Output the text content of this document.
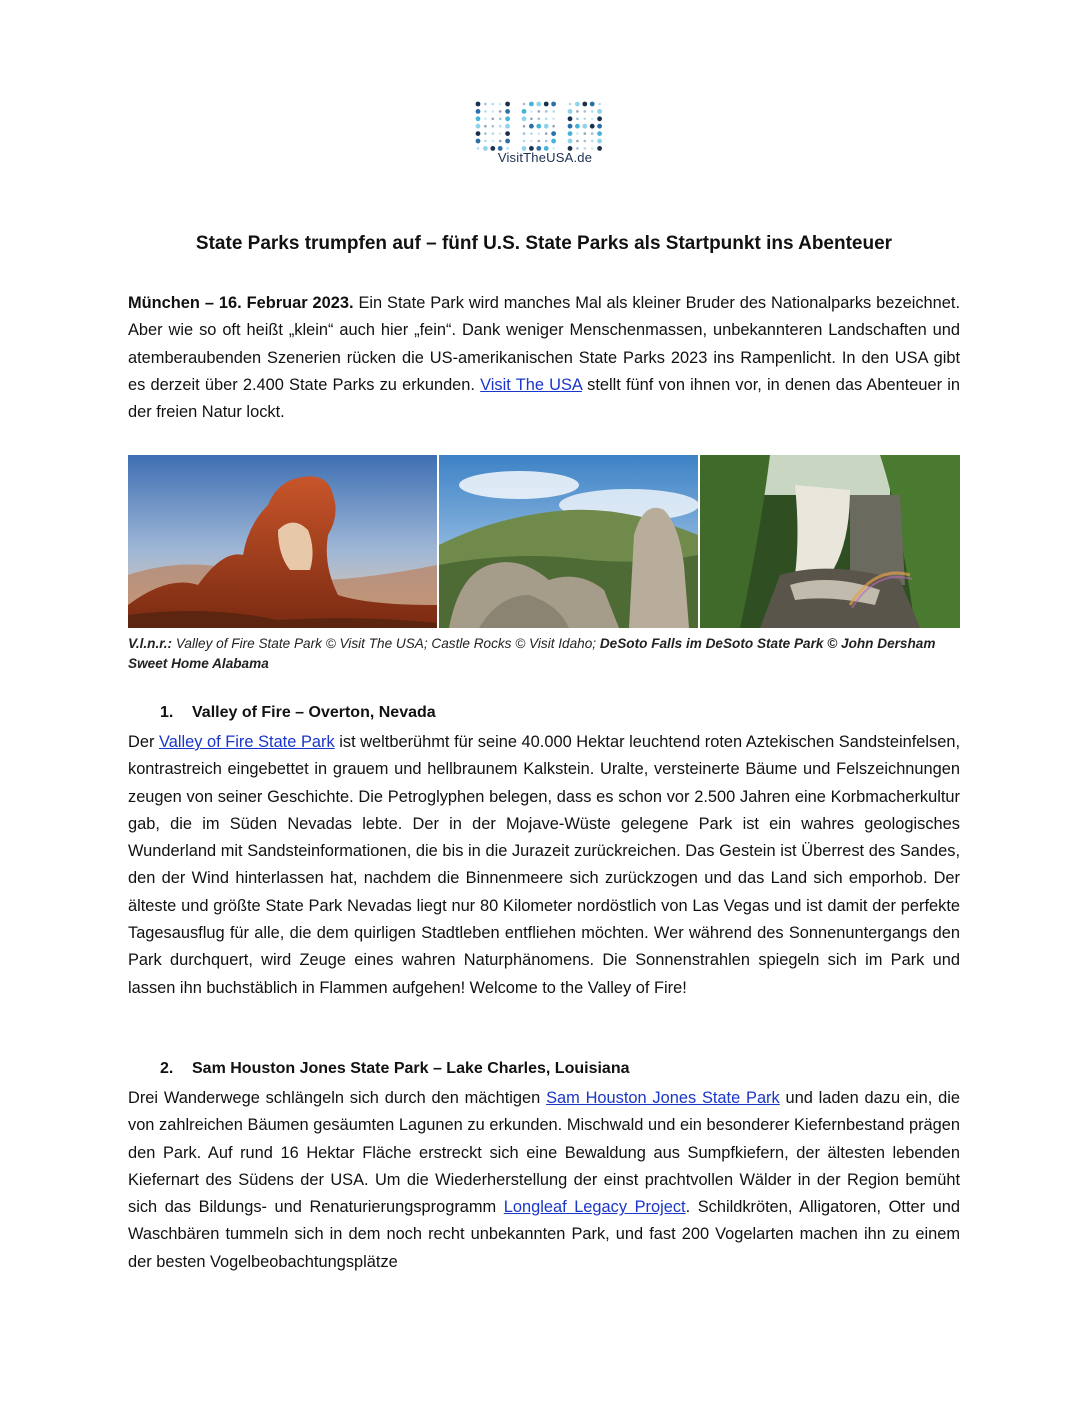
VisitTheUSA.de
State Parks trumpfen auf – fünf U.S. State Parks als Startpunkt ins Abenteuer
München – 16. Februar 2023. Ein State Park wird manches Mal als kleiner Bruder des Nationalparks bezeichnet. Aber wie so oft heißt „klein“ auch hier „fein“. Dank weniger Menschenmassen, unbekannteren Landschaften und atemberaubenden Szenerien rücken die US-amerikanischen State Parks 2023 ins Rampenlicht. In den USA gibt es derzeit über 2.400 State Parks zu erkunden. Visit The USA stellt fünf von ihnen vor, in denen das Abenteuer in der freien Natur lockt.
V.l.n.r.: Valley of Fire State Park © Visit The USA; Castle Rocks © Visit Idaho; DeSoto Falls im DeSoto State Park © John Dersham Sweet Home Alabama
1. Valley of Fire – Overton, Nevada
Der Valley of Fire State Park ist weltberühmt für seine 40.000 Hektar leuchtend roten Aztekischen Sandsteinfelsen, kontrastreich eingebettet in grauem und hellbraunem Kalkstein. Uralte, versteinerte Bäume und Felszeichnungen zeugen von seiner Geschichte. Die Petroglyphen belegen, dass es schon vor 2.500 Jahren eine Korbmacherkultur gab, die im Süden Nevadas lebte. Der in der Mojave-Wüste gelegene Park ist ein wahres geologisches Wunderland mit Sandsteinformationen, die bis in die Jurazeit zurückreichen. Das Gestein ist Überrest des Sandes, den der Wind hinterlassen hat, nachdem die Binnenmeere sich zurückzogen und das Land sich emporhob. Der älteste und größte State Park Nevadas liegt nur 80 Kilometer nordöstlich von Las Vegas und ist damit der perfekte Tagesausflug für alle, die dem quirligen Stadtleben entfliehen möchten. Wer während des Sonnenuntergangs den Park durchquert, wird Zeuge eines wahren Naturphänomens. Die Sonnenstrahlen spiegeln sich im Park und lassen ihn buchstäblich in Flammen aufgehen! Welcome to the Valley of Fire!
2. Sam Houston Jones State Park – Lake Charles, Louisiana
Drei Wanderwege schlängeln sich durch den mächtigen Sam Houston Jones State Park und laden dazu ein, die von zahlreichen Bäumen gesäumten Lagunen zu erkunden. Mischwald und ein besonderer Kiefernbestand prägen den Park. Auf rund 16 Hektar Fläche erstreckt sich eine Bewaldung aus Sumpfkiefern, der ältesten lebenden Kiefernart des Südens der USA. Um die Wiederherstellung der einst prachtvollen Wälder in der Region bemüht sich das Bildungs- und Renaturierungsprogramm Longleaf Legacy Project. Schildkröten, Alligatoren, Otter und Waschbären tummeln sich in dem noch recht unbekannten Park, und fast 200 Vogelarten machen ihn zu einem der besten Vogelbeobachtungsplätze
